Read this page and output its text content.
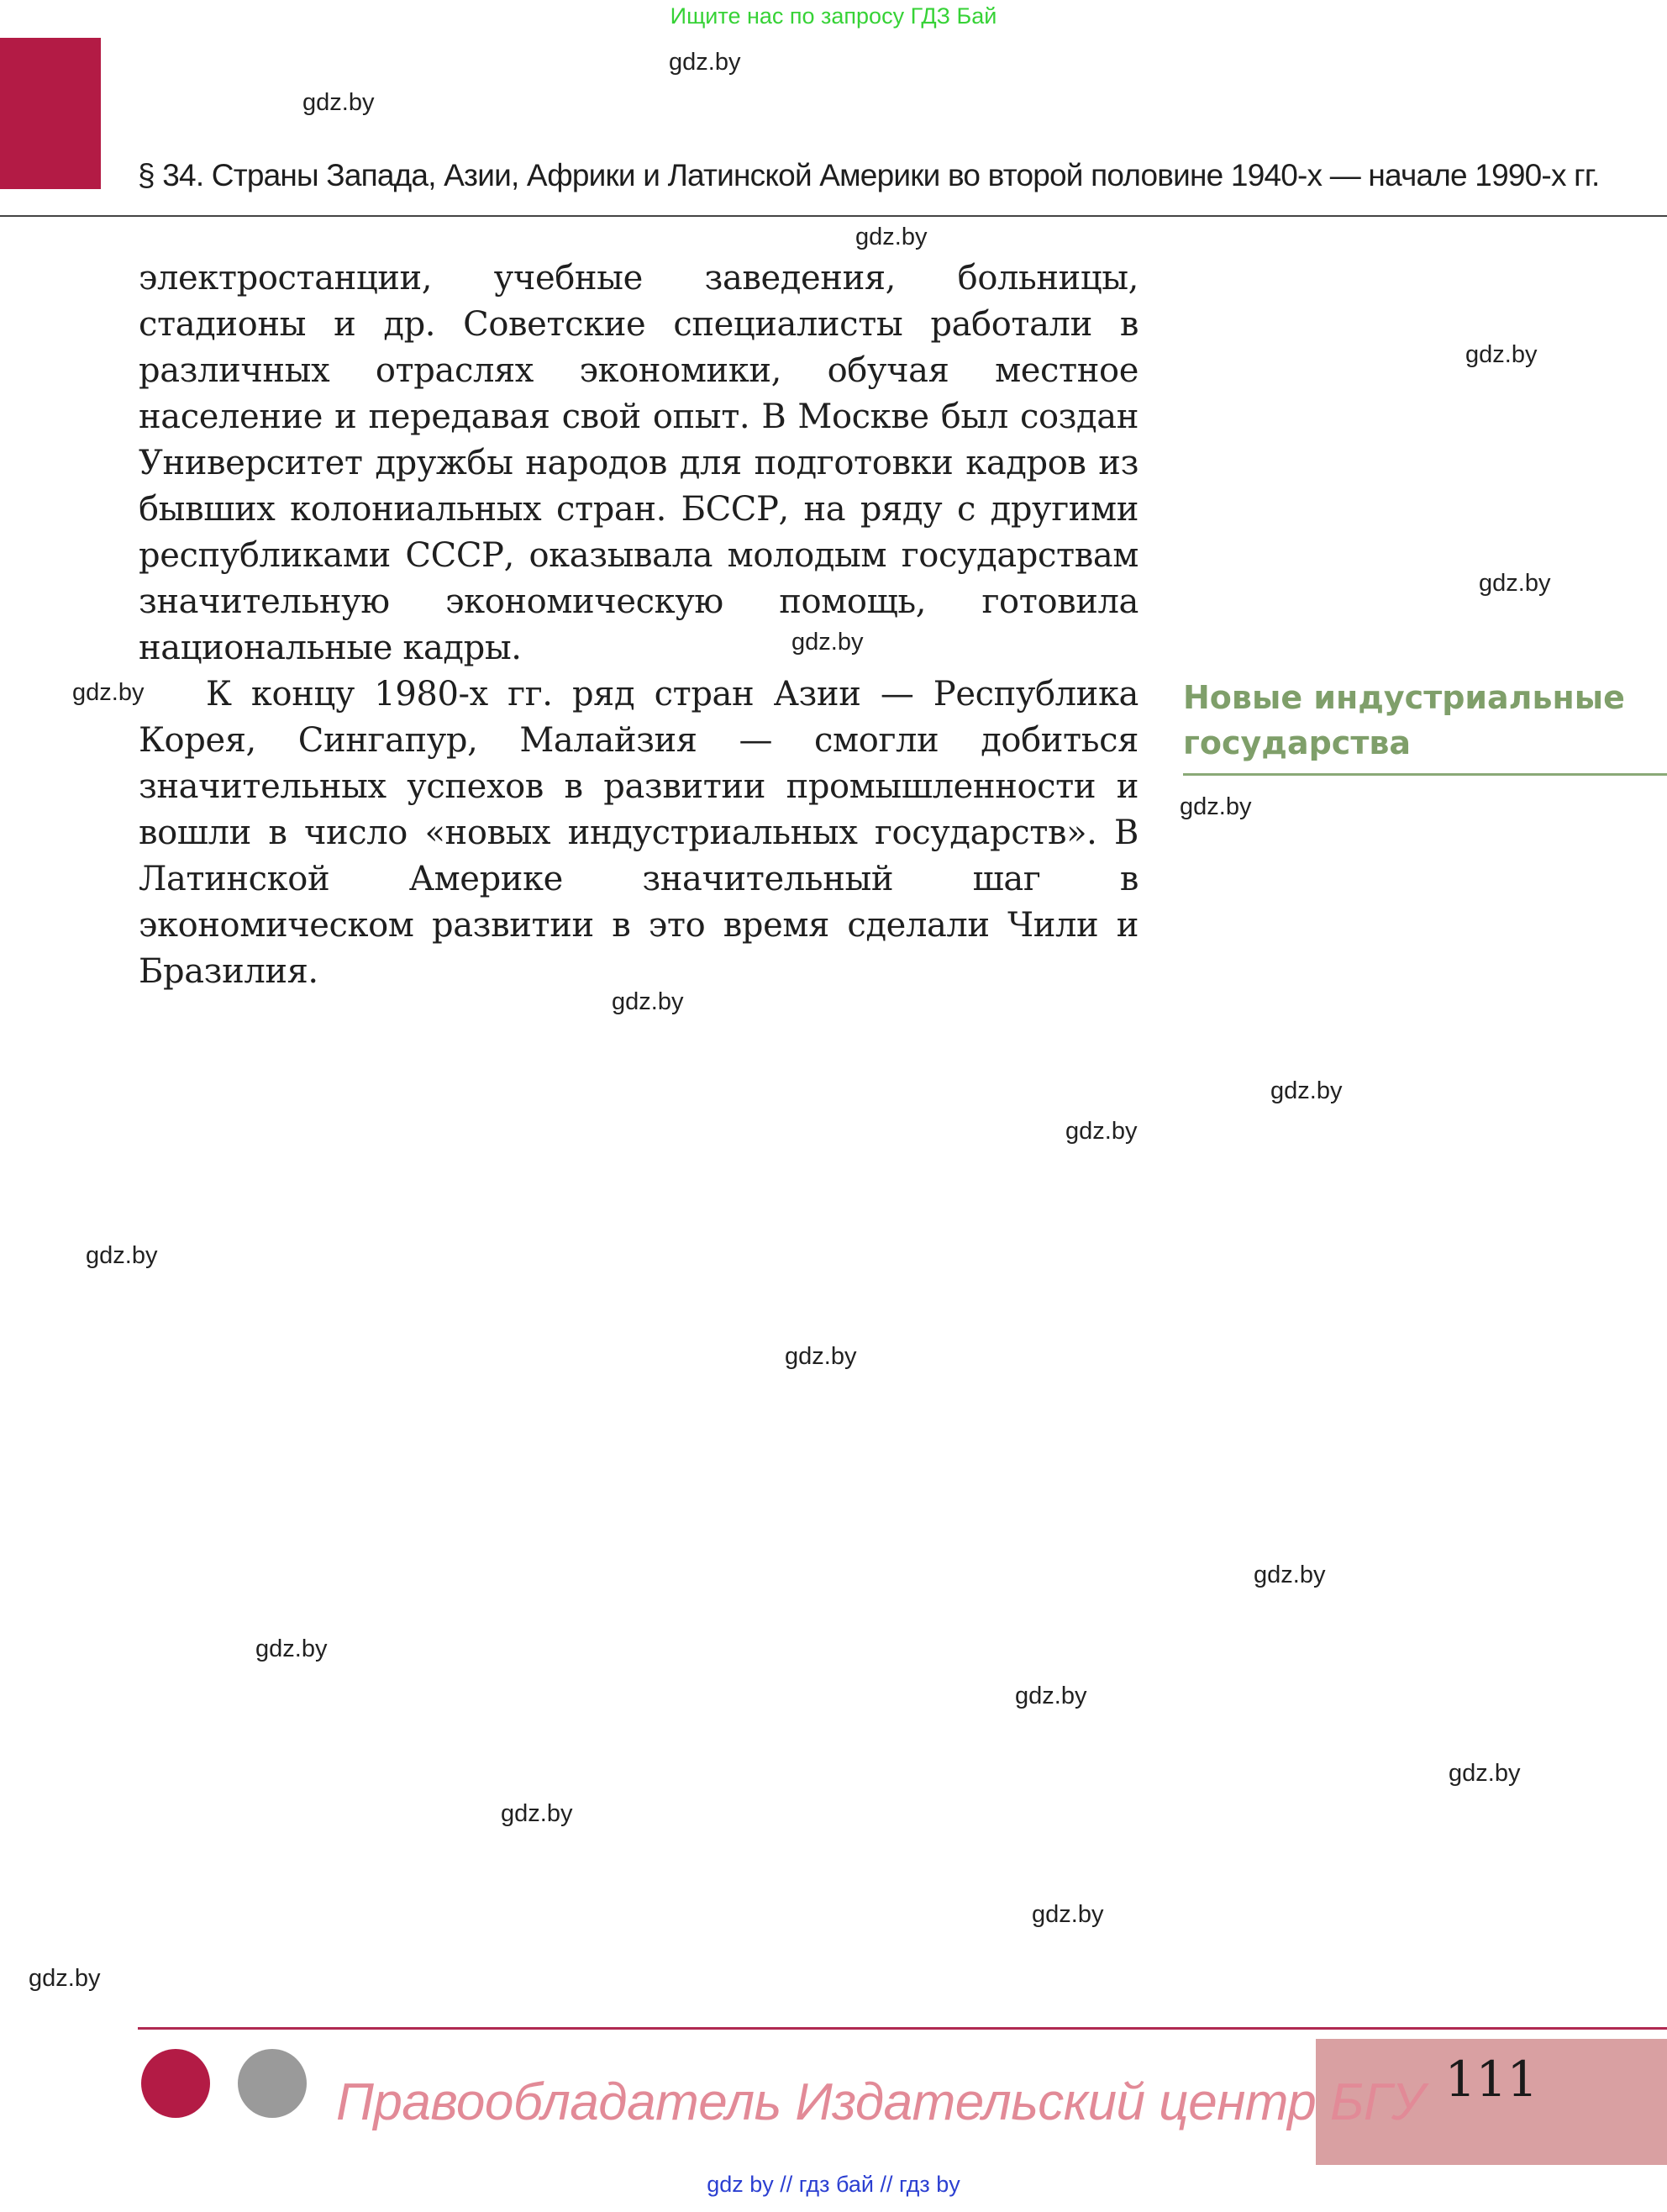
Ищите нас по запросу ГДЗ Бай
§ 34. Страны Запада, Азии, Африки и Латинской Америки во второй половине 1940-х — начале 1990-х гг.

электростанции, учебные заведения, больницы, стадионы и др. Советские специалисты работали в различных отраслях экономики, обучая местное население и передавая свой опыт. В Москве был создан Университет дружбы народов для подготовки кадров из бывших колониальных стран. БССР, на ряду с другими республиками СССР, оказывала молодым государствам значительную экономическую помощь, готовила национальные кадры.

К концу 1980-х гг. ряд стран Азии — Республика Корея, Сингапур, Малайзия — смогли добиться значительных успехов в развитии промышленности и вошли в число «новых индустриальных государств». В Латинской Америке значительный шаг в экономическом развитии в это время сделали Чили и Бразилия.

Новые индустриальные государства
gdz.by
gdz.by
gdz.by
gdz.by
gdz.by
gdz.by
gdz.by
gdz.by
gdz.by
gdz.by
gdz.by
gdz.by
gdz.by
gdz.by
gdz.by
gdz.by
gdz.by
gdz.by
gdz.by
gdz.by
Правообладатель Издательский центр БГУ 111
gdz by // гдз бай // гдз by
